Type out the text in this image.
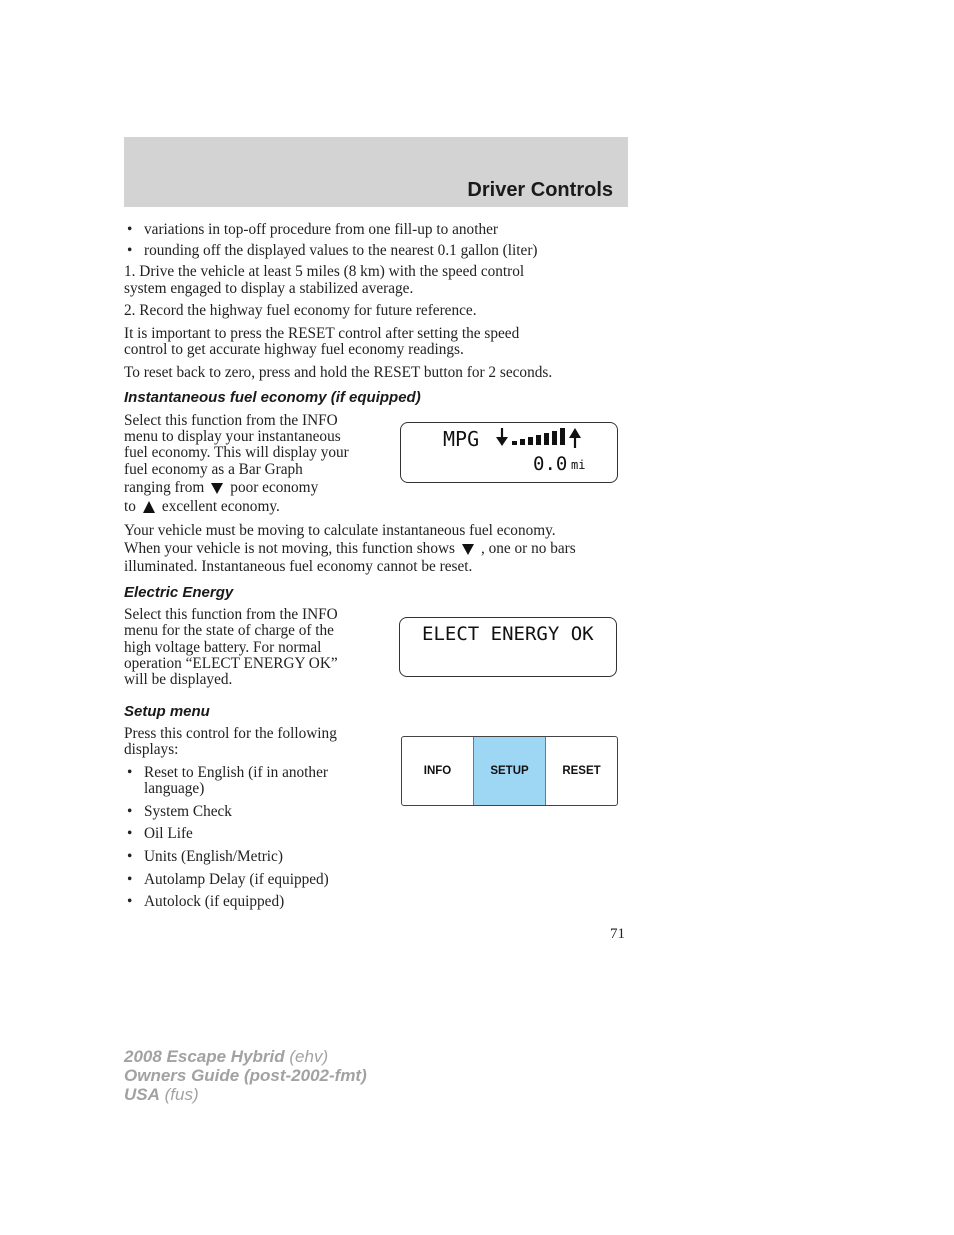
Driver Controls
• variations in top-off procedure from one fill-up to another
• rounding off the displayed values to the nearest 0.1 gallon (liter)
1. Drive the vehicle at least 5 miles (8 km) with the speed control
system engaged to display a stabilized average.
2. Record the highway fuel economy for future reference.
It is important to press the RESET control after setting the speed
control to get accurate highway fuel economy readings.
To reset back to zero, press and hold the RESET button for 2 seconds.
Instantaneous fuel economy (if equipped)
Select this function from the INFO
menu to display your instantaneous
fuel economy. This will display your
fuel economy as a Bar Graph
ranging from poor economy
to excellent economy.
MPG
0.0 mi
Your vehicle must be moving to calculate instantaneous fuel economy.
When your vehicle is not moving, this function shows , one or no bars
illuminated. Instantaneous fuel economy cannot be reset.
Electric Energy
Select this function from the INFO
menu for the state of charge of the
high voltage battery. For normal
operation “ELECT ENERGY OK”
will be displayed.
ELECT ENERGY OK
Setup menu
Press this control for the following
displays:
• Reset to English (if in another
language)
• System Check
• Oil Life
• Units (English/Metric)
• Autolamp Delay (if equipped)
• Autolock (if equipped)
INFO	SETUP	RESET
71
2008 Escape Hybrid (ehv)
Owners Guide (post-2002-fmt)
USA (fus)
